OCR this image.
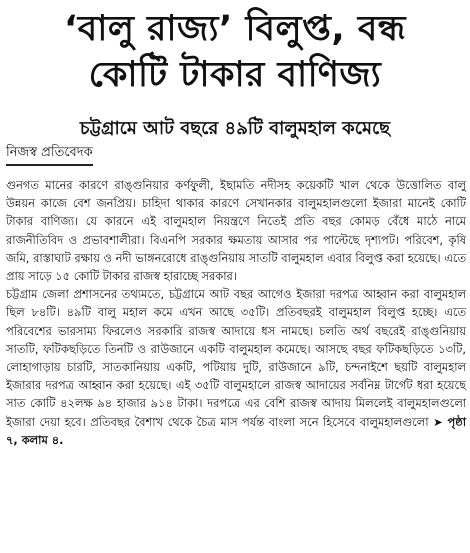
‘বালু রাজ্য’ বিলুপ্ত, বন্ধ
কোটি টাকার বাণিজ্য
চট্টগ্রামে আট বছরে ৪৯টি বালুমহাল কমেছে
নিজস্ব প্রতিবেদক

গুনগত মানের কারণে রাঙ্গুনিয়ার কর্ণফুলী, ইছামতি নদীসহ কয়েকটি খাল থেকে উত্তোলিত বালু উন্নয়ন কাজে বেশ জনপ্রিয়। চাহিদা থাকার কারণে সেখানকার বালুমহালগুলো ইজারা মানেই কোটি টাকার বাণিজ্য। যে কারনে এই বালুমহাল নিয়ন্ত্রণে নিতেই প্রতি বছর কোমড় বেঁধে মাঠে নামে রাজনীতিবিদ ও প্রভাবশালীরা। বিএনপি সরকার ক্ষমতায় আসার পর পাল্টেছে দৃশ্যপট। পরিবেশ, কৃষি জমি, রাস্তাঘাট রক্ষায় ও নদী ভাঙ্গনরোধে রাঙ্গুনিয়ায় সাতটি বালুমহাল এবার বিলুপ্ত করা হয়েছে। এতে প্রায় সাড়ে ১৫ কোটি টাকার রাজস্ব হারাচ্ছে সরকার।

চট্টগ্রাম জেলা প্রশাসনের তথ্যমতে, চট্টগ্রামে আট বছর আগেও ইজারা দরপত্র আহ্বান করা বালুমহাল ছিল ৮৪টি। ৪৯টি বালু মহাল কমে এখন আছে ৩৫টি। প্রতিবছরই বালুমহাল বিলুপ্ত হচ্ছে। এতে পরিবেশের ভারসাম্য ফিরলেও সরকারি রাজস্ব আদায়ে ধস নামছে। চলতি অর্থ বছরেই রাঙ্গুনিয়ায় সাতটি, ফটিকছড়িতে তিনটি ও রাউজানে একটি বালুমহাল কমেছে। আসছে বছর ফটিকছড়িতে ১৩টি, লোহাগাড়ায় চারটি, সাতকানিয়ায় একটি, পটিয়ায় দুটি, রাউজানে ৯টি, চন্দনাইশে ছয়টি বালুমহাল ইজারার দরপত্র আহ্বান করা হয়েছে। এই ৩৫টি বালুমহালে রাজস্ব আদায়ের সর্বনিম্ন টার্গেট ধরা হয়েছে সাত কোটি ৪২লক্ষ ৯৪ হাজার ৯১৪ টাকা। দরপত্রে এর বেশি রাজস্ব আদায় মিললেই বালুমহালগুলো ইজারা দেয়া হবে। প্রতিবছর বৈশাখ থেকে চৈত্র মাস পর্যন্ত বাংলা সনে হিসেবে বালুমহালগুলো ➤ পৃষ্ঠা ৭, কলাম ৪.
